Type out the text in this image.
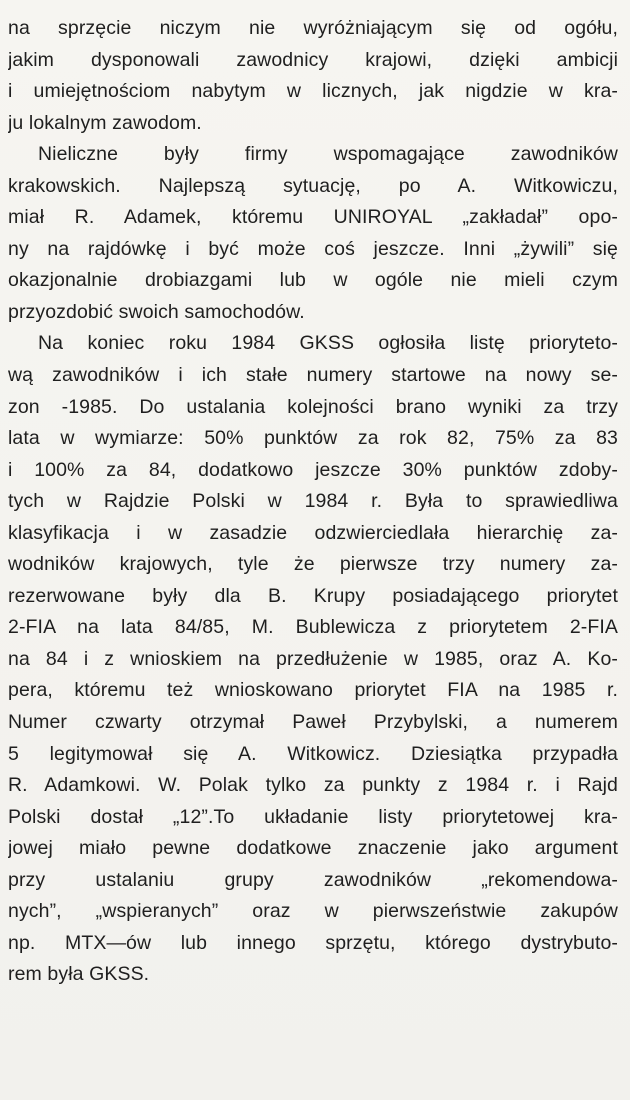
na sprzęcie niczym nie wyróżniającym się od ogółu,
jakim dysponowali zawodnicy krajowi, dzięki ambicji
i umiejętnościom nabytym w licznych, jak nigdzie w kra-
ju lokalnym zawodom.
Nieliczne były firmy wspomagające zawodników
krakowskich. Najlepszą sytuację, po A. Witkowiczu,
miał R. Adamek, któremu UNIROYAL „zakładał” opo-
ny na rajdówkę i być może coś jeszcze. Inni „żywili” się
okazjonalnie drobiazgami lub w ogóle nie mieli czym
przyozdobić swoich samochodów.
Na koniec roku 1984 GKSS ogłosiła listę prioryteto-
wą zawodników i ich stałe numery startowe na nowy se-
zon -1985. Do ustalania kolejności brano wyniki za trzy
lata w wymiarze: 50% punktów za rok 82, 75% za 83
i 100% za 84, dodatkowo jeszcze 30% punktów zdoby-
tych w Rajdzie Polski w 1984 r. Była to sprawiedliwa
klasyfikacja i w zasadzie odzwierciedlała hierarchię za-
wodników krajowych, tyle że pierwsze trzy numery za-
rezerwowane były dla B. Krupy posiadającego priorytet
2-FIA na lata 84/85, M. Bublewicza z priorytetem 2-FIA
na 84 i z wnioskiem na przedłużenie w 1985, oraz A. Ko-
pera, któremu też wnioskowano priorytet FIA na 1985 r.
Numer czwarty otrzymał Paweł Przybylski, a numerem
5 legitymował się A. Witkowicz. Dziesiątka przypadła
R. Adamkowi. W. Polak tylko za punkty z 1984 r. i Rajd
Polski dostał „12”.To układanie listy priorytetowej kra-
jowej miało pewne dodatkowe znaczenie jako argument
przy ustalaniu grupy zawodników „rekomendowa-
nych”, „wspieranych” oraz w pierwszeństwie zakupów
np. MTX—ów lub innego sprzętu, którego dystrybuto-
rem była GKSS.
